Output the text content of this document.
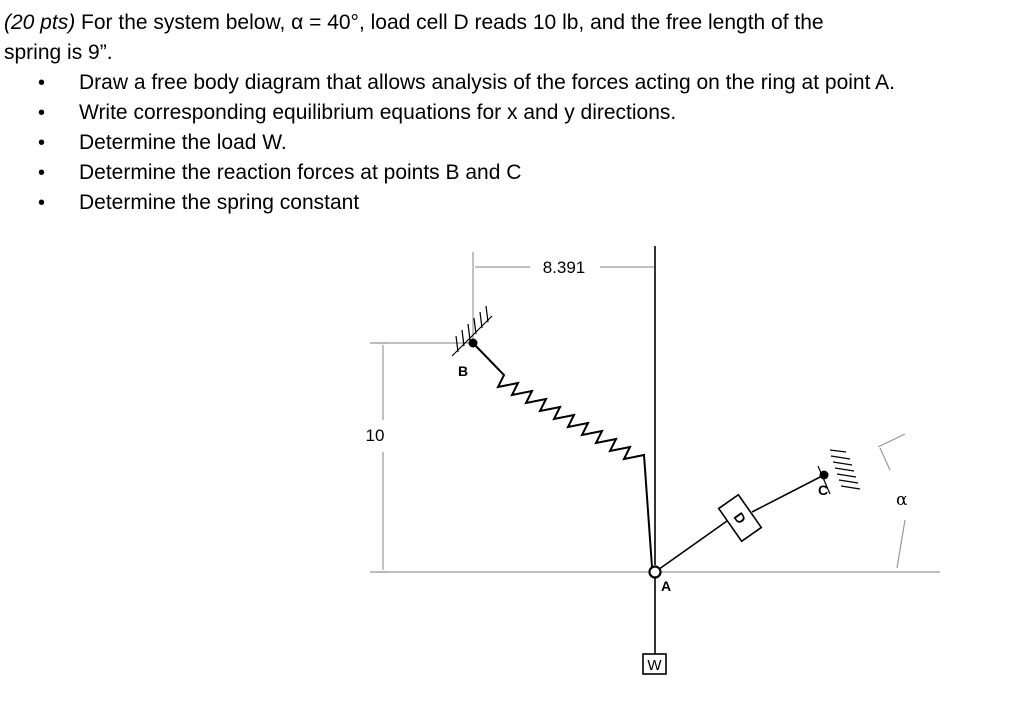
(20 pts) For the system below, α = 40°, load cell D reads 10 lb, and the free length of the
spring is 9”.
• Draw a free body diagram that allows analysis of the forces acting on the ring at point A.
• Write corresponding equilibrium equations for x and y directions.
• Determine the load W.
• Determine the reaction forces at points B and C
• Determine the spring constant
10
8.391
B
D
C	α
A
W
